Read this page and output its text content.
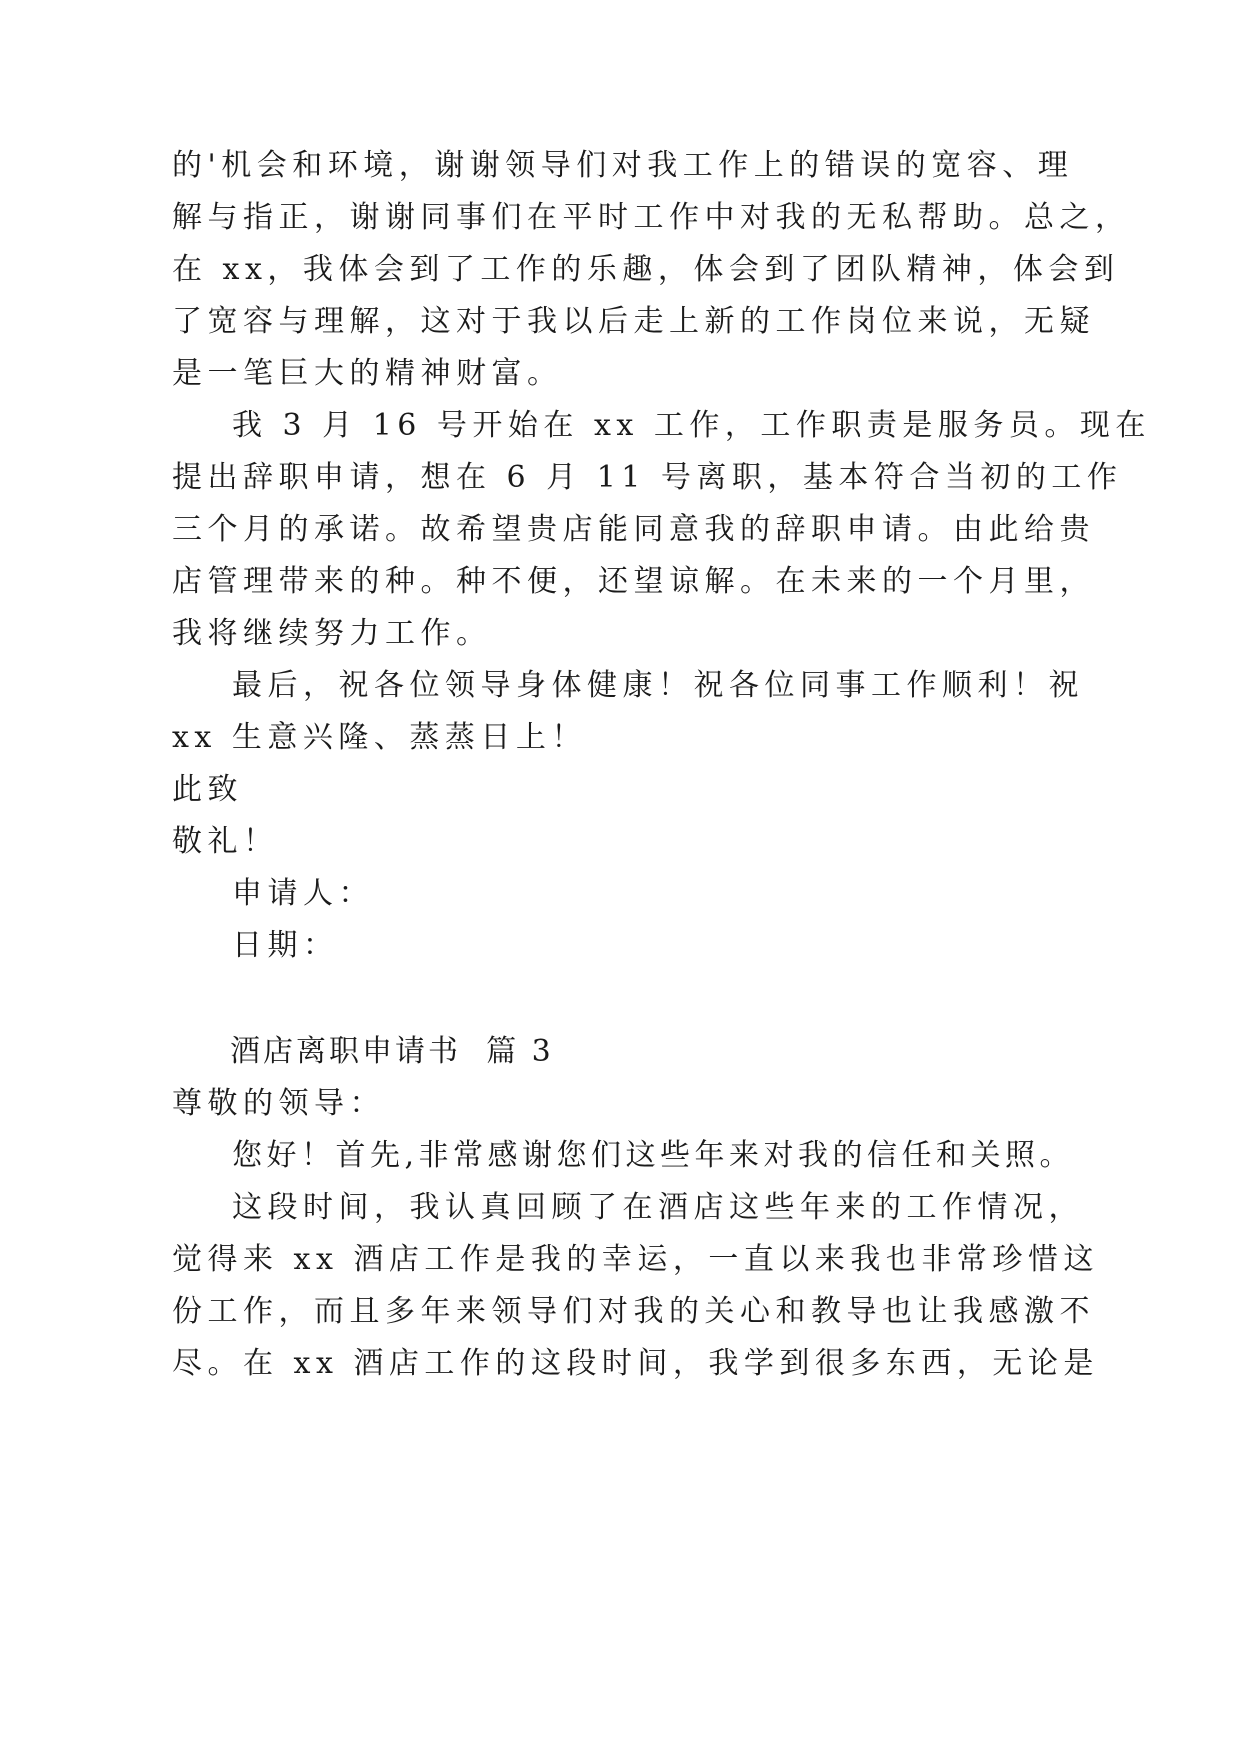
的'机会和环境，谢谢领导们对我工作上的错误的宽容、理
解与指正，谢谢同事们在平时工作中对我的无私帮助。总之，
在 xx，我体会到了工作的乐趣，体会到了团队精神，体会到
了宽容与理解，这对于我以后走上新的工作岗位来说，无疑
是一笔巨大的精神财富。
我 3 月 16 号开始在 xx 工作，工作职责是服务员。现在
提出辞职申请，想在 6 月 11 号离职，基本符合当初的工作
三个月的承诺。故希望贵店能同意我的辞职申请。由此给贵
店管理带来的种。种不便，还望谅解。在未来的一个月里，
我将继续努力工作。
最后，祝各位领导身体健康！祝各位同事工作顺利！祝
xx 生意兴隆、蒸蒸日上！
此致
敬礼！
申请人：
日期：
酒店离职申请书  篇 3
尊敬的领导：
您好！首先,非常感谢您们这些年来对我的信任和关照。
这段时间，我认真回顾了在酒店这些年来的工作情况，
觉得来 xx 酒店工作是我的幸运，一直以来我也非常珍惜这
份工作，而且多年来领导们对我的关心和教导也让我感激不
尽。在 xx 酒店工作的这段时间，我学到很多东西，无论是
